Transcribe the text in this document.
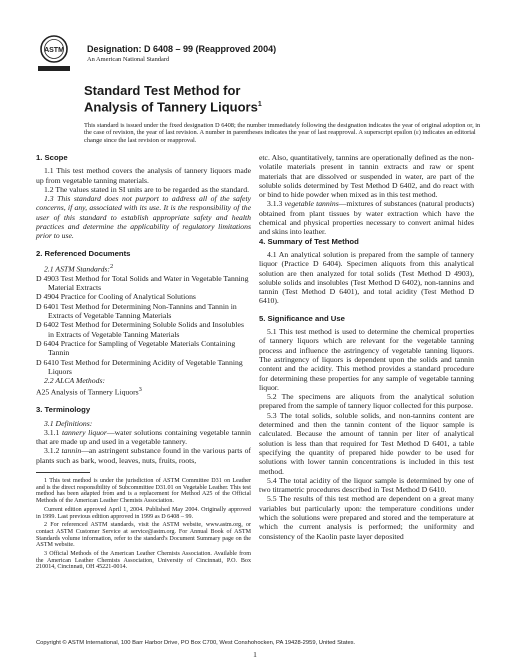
ASTM	Designation: D 6408 – 99 (Reapproved 2004)
An American National Standard
Standard Test Method for
Analysis of Tannery Liquors$^1$
This standard is issued under the fixed designation D 6408; the number immediately following the designation indicates the year of original adoption or, in the case of revision, the year of last revision. A number in parentheses indicates the year of last reapproval. A superscript epsilon (ε) indicates an editorial change since the last revision or reapproval.
1. Scope

1.1 This test method covers the analysis of tannery liquors made up from vegetable tanning materials.

1.2 The values stated in SI units are to be regarded as the standard.

1.3 This standard does not purport to address all of the safety concerns, if any, associated with its use. It is the responsibility of the user of this standard to establish appropriate safety and health practices and determine the applicability of regulatory limitations prior to use.

2. Referenced Documents

2.1 ASTM Standards:$^2$

D 4903 Test Method for Total Solids and Water in Vegetable Tanning Material Extracts

D 4904 Practice for Cooling of Analytical Solutions

D 6401 Test Method for Determining Non-Tannins and Tannin in Extracts of Vegetable Tanning Materials

D 6402 Test Method for Determining Soluble Solids and Insolubles in Extracts of Vegetable Tanning Materials

D 6404 Practice for Sampling of Vegetable Materials Containing Tannin

D 6410 Test Method for Determining Acidity of Vegetable Tanning Liquors

2.2 ALCA Methods:

A25 Analysis of Tannery Liquors$^3$

3. Terminology

3.1 Definitions:

3.1.1 tannery liquor—water solutions containing vegetable tannin that are made up and used in a vegetable tannery.

3.1.2 tannin—an astringent substance found in the various parts of plants such as bark, wood, leaves, nuts, fruits, roots,

1 This test method is under the jurisdiction of ASTM Committee D31 on Leather and is the direct responsibility of Subcommittee D31.01 on Vegetable Leather. This test method has been adapted from and is a replacement for Method A25 of the Official Methods of the American Leather Chemists Association.

Current edition approved April 1, 2004. Published May 2004. Originally approved in 1999. Last previous edition approved in 1999 as D 6408 – 99.

2 For referenced ASTM standards, visit the ASTM website, www.astm.org, or contact ASTM Customer Service at service@astm.org. For Annual Book of ASTM Standards volume information, refer to the standard's Document Summary page on the ASTM website.

3 Official Methods of the American Leather Chemists Association. Available from the American Leather Chemists Association, University of Cincinnati, P.O. Box 210014, Cincinnati, OH 45221-0014.

etc. Also, quantitatively, tannins are operationally defined as the non-volatile materials present in tannin extracts and raw or spent materials that are dissolved or suspended in water, are part of the soluble solids determined by Test Method D 6402, and do react with or bind to hide powder when mixed as in this test method.

3.1.3 vegetable tannins—mixtures of substances (natural products) obtained from plant tissues by water extraction which have the chemical and physical properties necessary to convert animal hides and skins into leather.

4. Summary of Test Method

4.1 An analytical solution is prepared from the sample of tannery liquor (Practice D 6404). Specimen aliquots from this analytical solution are then analyzed for total solids (Test Method D 4903), soluble solids and insolubles (Test Method D 6402), non-tannins and tannin (Test Method D 6401), and total acidity (Test Method D 6410).

5. Significance and Use

5.1 This test method is used to determine the chemical properties of tannery liquors which are relevant for the vegetable tanning process and influence the astringency of vegetable tanning liquors. The astringency of liquors is dependent upon the solids and tannin content and the acidity. This method provides a standard procedure for determining these properties for any sample of vegetable tanning liquor.

5.2 The specimens are aliquots from the analytical solution prepared from the sample of tannery liquor collected for this purpose.

5.3 The total solids, soluble solids, and non-tannins content are determined and then the tannin content of the liquor sample is calculated. Because the amount of tannin per liter of analytical solution is less than that required for Test Method D 6401, a table specifying the quantity of prepared hide powder to be used for solutions with lower tannin concentrations is included in this test method.

5.4 The total acidity of the liquor sample is determined by one of two titrametric procedures described in Test Method D 6410.

5.5 The results of this test method are dependent on a great many variables but particularly upon: the temperature conditions under which the solutions were prepared and stored and the temperature at which the current analysis is performed; the uniformity and consistency of the Kaolin paste layer deposited

Copyright © ASTM International, 100 Barr Harbor Drive, PO Box C700, West Conshohocken, PA 19428-2959, United States.
1
